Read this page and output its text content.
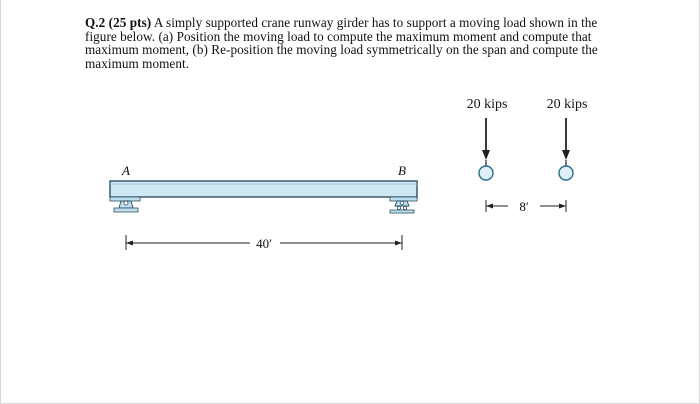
Q.2 (25 pts) A simply supported crane runway girder has to support a moving load shown in the
figure below. (a) Position the moving load to compute the maximum moment and compute that
maximum moment, (b) Re-position the moving load symmetrically on the span and compute the
maximum moment.
20 kips	20 kips
8′
A	B
40′
